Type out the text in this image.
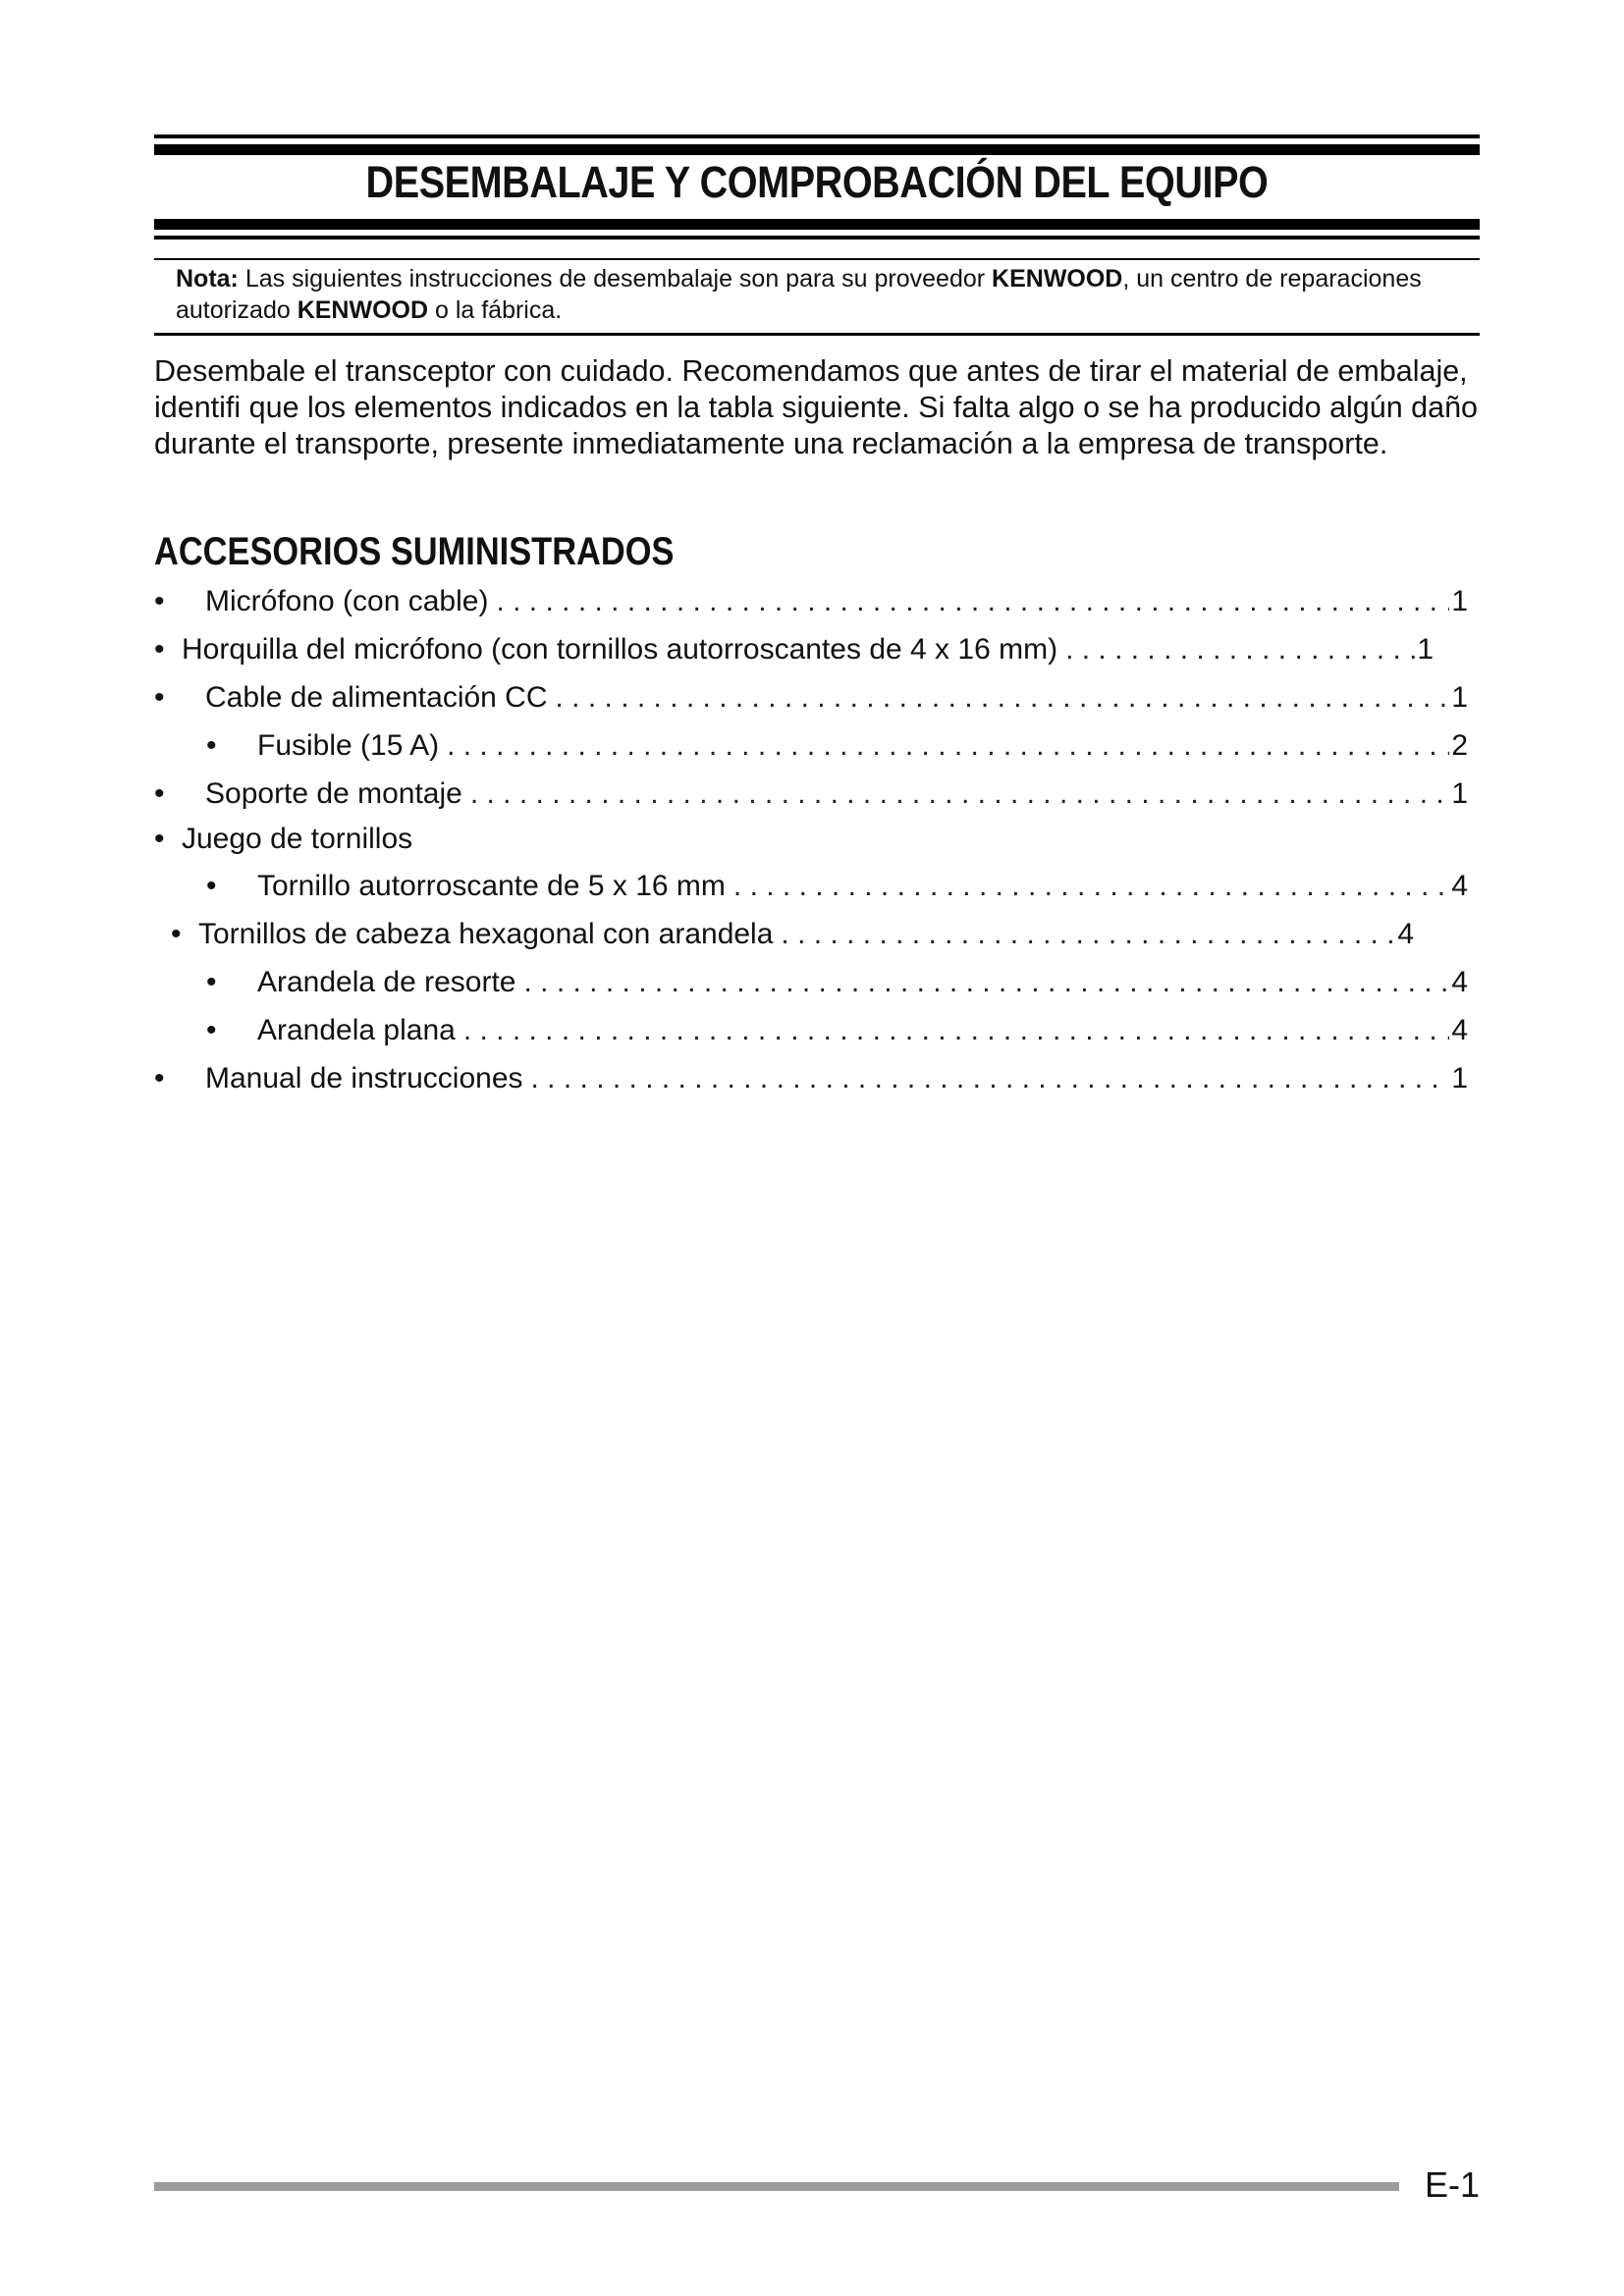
DESEMBALAJE Y COMPROBACIÓN DEL EQUIPO
Nota: Las siguientes instrucciones de desembalaje son para su proveedor KENWOOD, un centro de reparaciones autorizado KENWOOD o la fábrica.
Desembale el transceptor con cuidado. Recomendamos que antes de tirar el material de embalaje, identifi que los elementos indicados en la tabla siguiente. Si falta algo o se ha producido algún daño durante el transporte, presente inmediatamente una reclamación a la empresa de transporte.
ACCESORIOS SUMINISTRADOS
•	Micrófono (con cable) . . .	1
• Horquilla del micrófono (con tornillos autorroscantes de 4 x 16 mm) . . .	1
•	Cable de alimentación CC . . .	1
•	Fusible (15 A) . . .	2
•	Soporte de montaje . . .	1
• Juego de tornillos
•	Tornillo autorroscante de 5 x 16 mm . . .	4
• Tornillos de cabeza hexagonal con arandela . . .	4
•	Arandela de resorte . . .	4
•	Arandela plana . . .	4
•	Manual de instrucciones . . .	1
E-1
